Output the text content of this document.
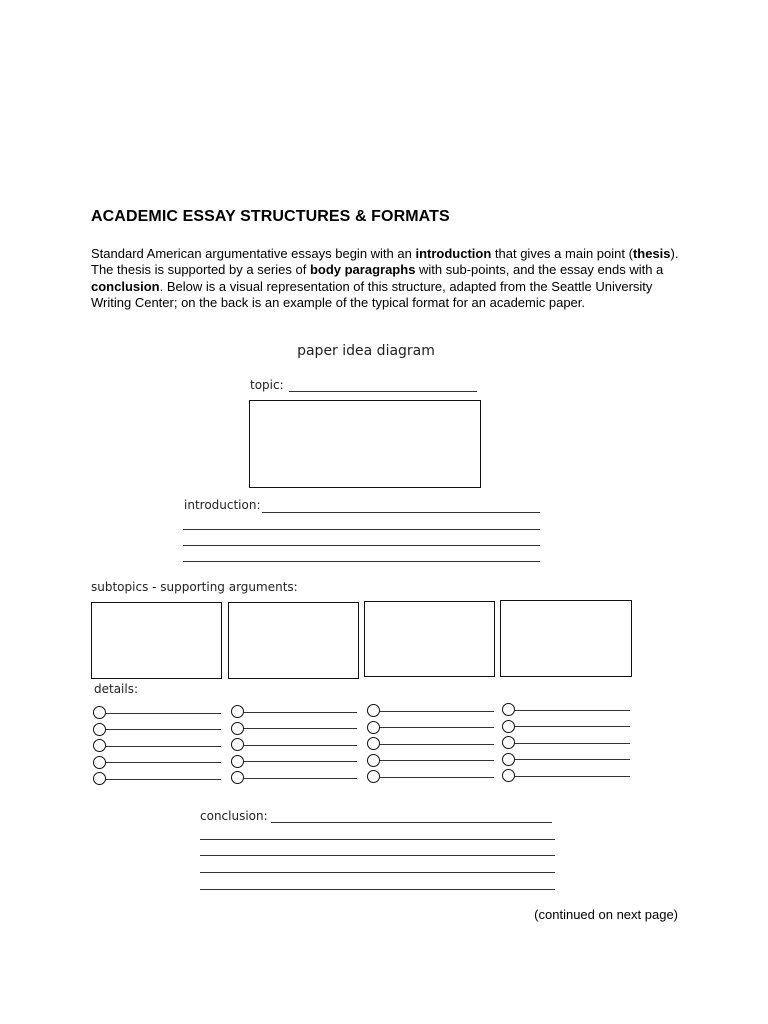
ACADEMIC ESSAY STRUCTURES & FORMATS
Standard American argumentative essays begin with an introduction that gives a main point (thesis). The thesis is supported by a series of body paragraphs with sub-points, and the essay ends with a conclusion. Below is a visual representation of this structure, adapted from the Seattle University Writing Center; on the back is an example of the typical format for an academic paper.
paper idea diagram
topic:
introduction:
subtopics - supporting arguments:
details:
conclusion:
(continued on next page)
